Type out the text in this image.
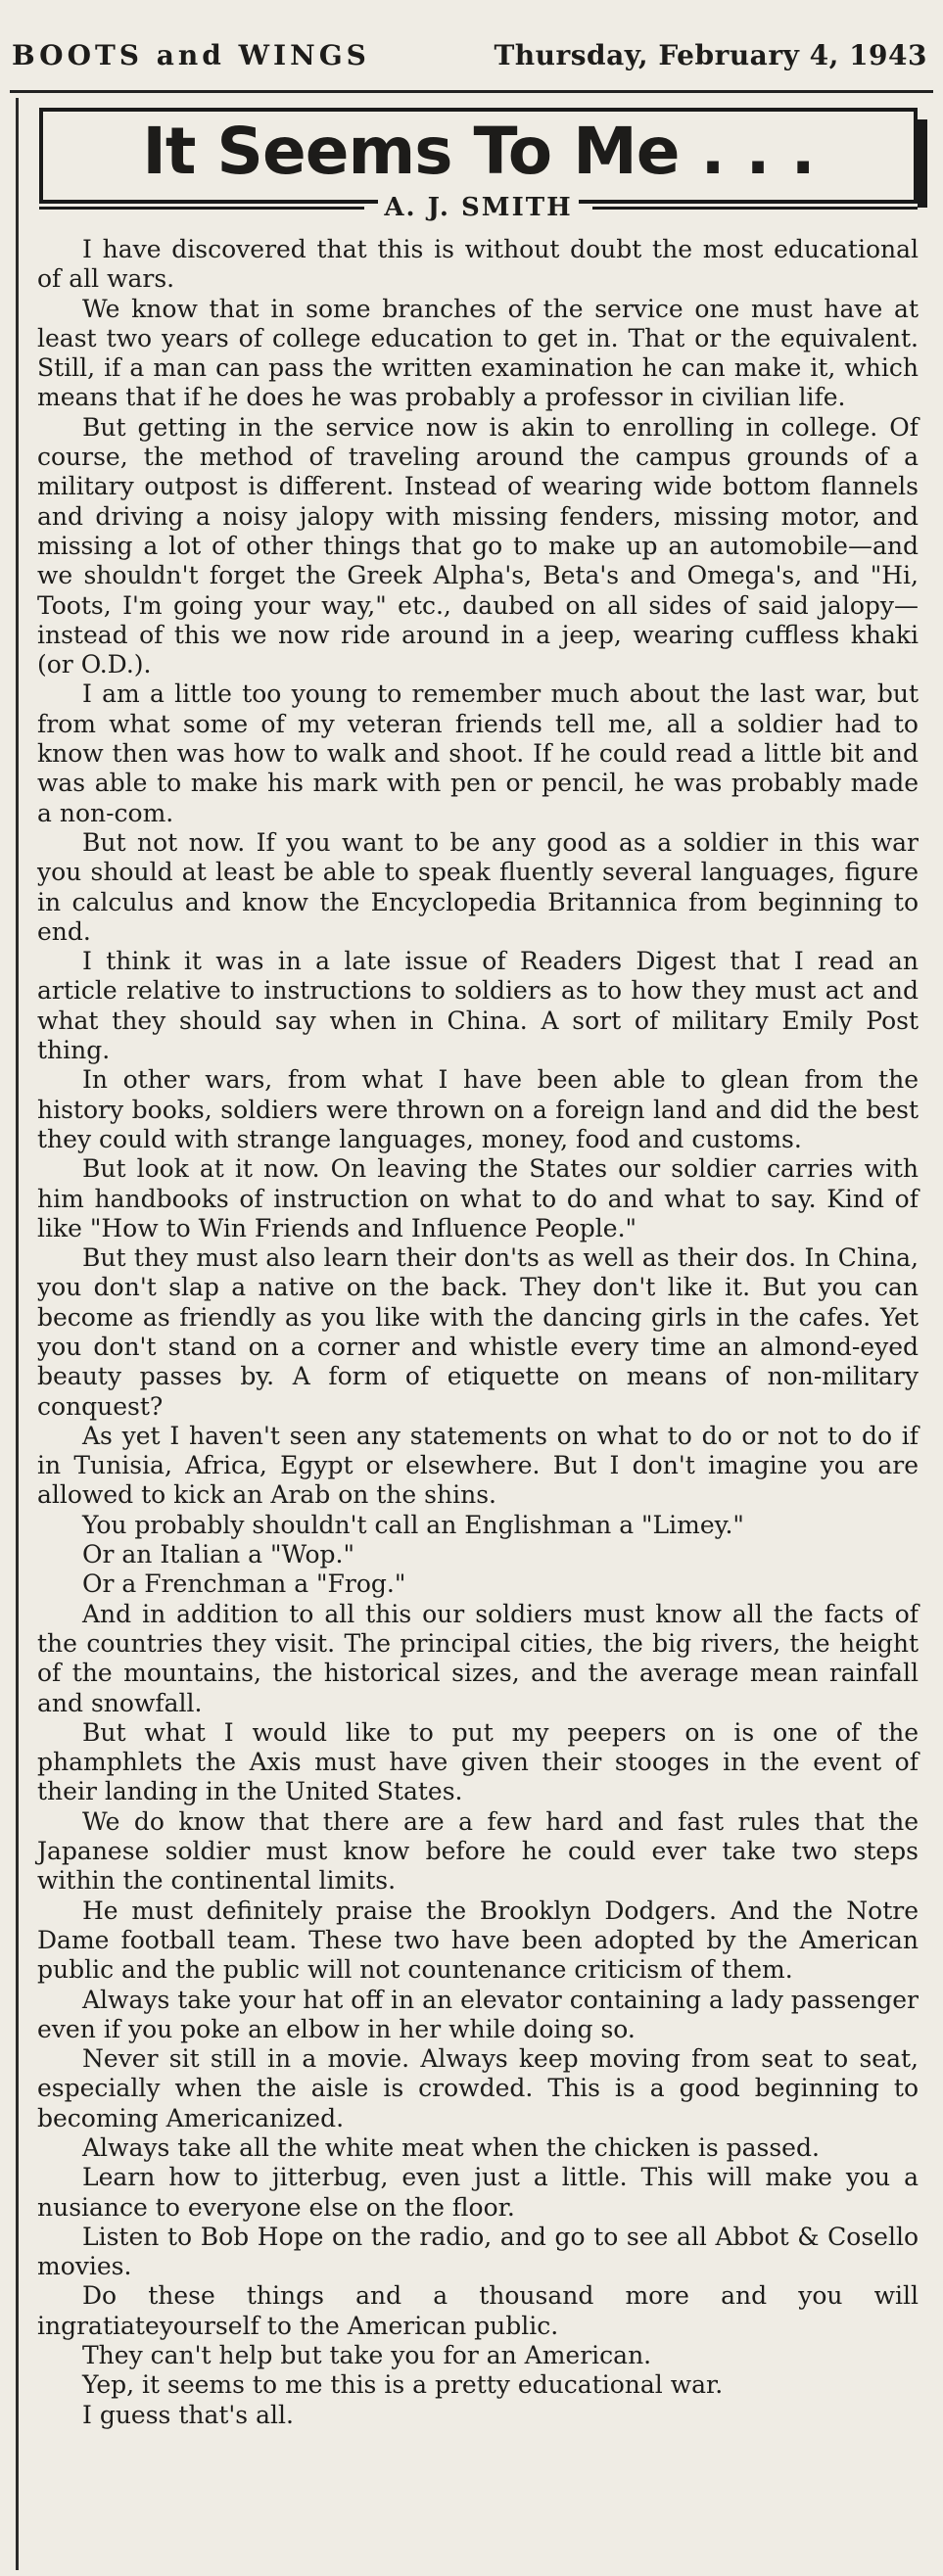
BOOTS and WINGS	Thursday, February 4, 1943
It Seems To Me . . .
A. J. SMITH

I have discovered that this is without doubt the most educational of all wars.

We know that in some branches of the service one must have at least two years of college education to get in. That or the equivalent. Still, if a man can pass the written examination he can make it, which means that if he does he was probably a professor in civilian life.

But getting in the service now is akin to enrolling in college. Of course, the method of traveling around the campus grounds of a military outpost is different. Instead of wearing wide bottom flannels and driving a noisy jalopy with missing fenders, missing motor, and missing a lot of other things that go to make up an automobile—and we shouldn't forget the Greek Alpha's, Beta's and Omega's, and "Hi, Toots, I'm going your way," etc., daubed on all sides of said jalopy—instead of this we now ride around in a jeep, wearing cuffless khaki (or O.D.).

I am a little too young to remember much about the last war, but from what some of my veteran friends tell me, all a soldier had to know then was how to walk and shoot. If he could read a little bit and was able to make his mark with pen or pencil, he was probably made a non-com.

But not now. If you want to be any good as a soldier in this war you should at least be able to speak fluently several languages, figure in calculus and know the Encyclopedia Britannica from beginning to end.

I think it was in a late issue of Readers Digest that I read an article relative to instructions to soldiers as to how they must act and what they should say when in China. A sort of military Emily Post thing.

In other wars, from what I have been able to glean from the history books, soldiers were thrown on a foreign land and did the best they could with strange languages, money, food and customs.

But look at it now. On leaving the States our soldier carries with him handbooks of instruction on what to do and what to say. Kind of like "How to Win Friends and Influence People."

But they must also learn their don'ts as well as their dos. In China, you don't slap a native on the back. They don't like it. But you can become as friendly as you like with the dancing girls in the cafes. Yet you don't stand on a corner and whistle every time an almond-eyed beauty passes by. A form of etiquette on means of non-military conquest?

As yet I haven't seen any statements on what to do or not to do if in Tunisia, Africa, Egypt or elsewhere. But I don't imagine you are allowed to kick an Arab on the shins.

You probably shouldn't call an Englishman a "Limey."

Or an Italian a "Wop."

Or a Frenchman a "Frog."

And in addition to all this our soldiers must know all the facts of the countries they visit. The principal cities, the big rivers, the height of the mountains, the historical sizes, and the average mean rainfall and snowfall.

But what I would like to put my peepers on is one of the phamphlets the Axis must have given their stooges in the event of their landing in the United States.

We do know that there are a few hard and fast rules that the Japanese soldier must know before he could ever take two steps within the continental limits.

He must definitely praise the Brooklyn Dodgers. And the Notre Dame football team. These two have been adopted by the American public and the public will not countenance criticism of them.

Always take your hat off in an elevator containing a lady passenger even if you poke an elbow in her while doing so.

Never sit still in a movie. Always keep moving from seat to seat, especially when the aisle is crowded. This is a good beginning to becoming Americanized.

Always take all the white meat when the chicken is passed.

Learn how to jitterbug, even just a little. This will make you a nusiance to everyone else on the floor.

Listen to Bob Hope on the radio, and go to see all Abbot & Cosello movies.

Do these things and a thousand more and you will ingratiateyourself to the American public.

They can't help but take you for an American.

Yep, it seems to me this is a pretty educational war.

I guess that's all.
